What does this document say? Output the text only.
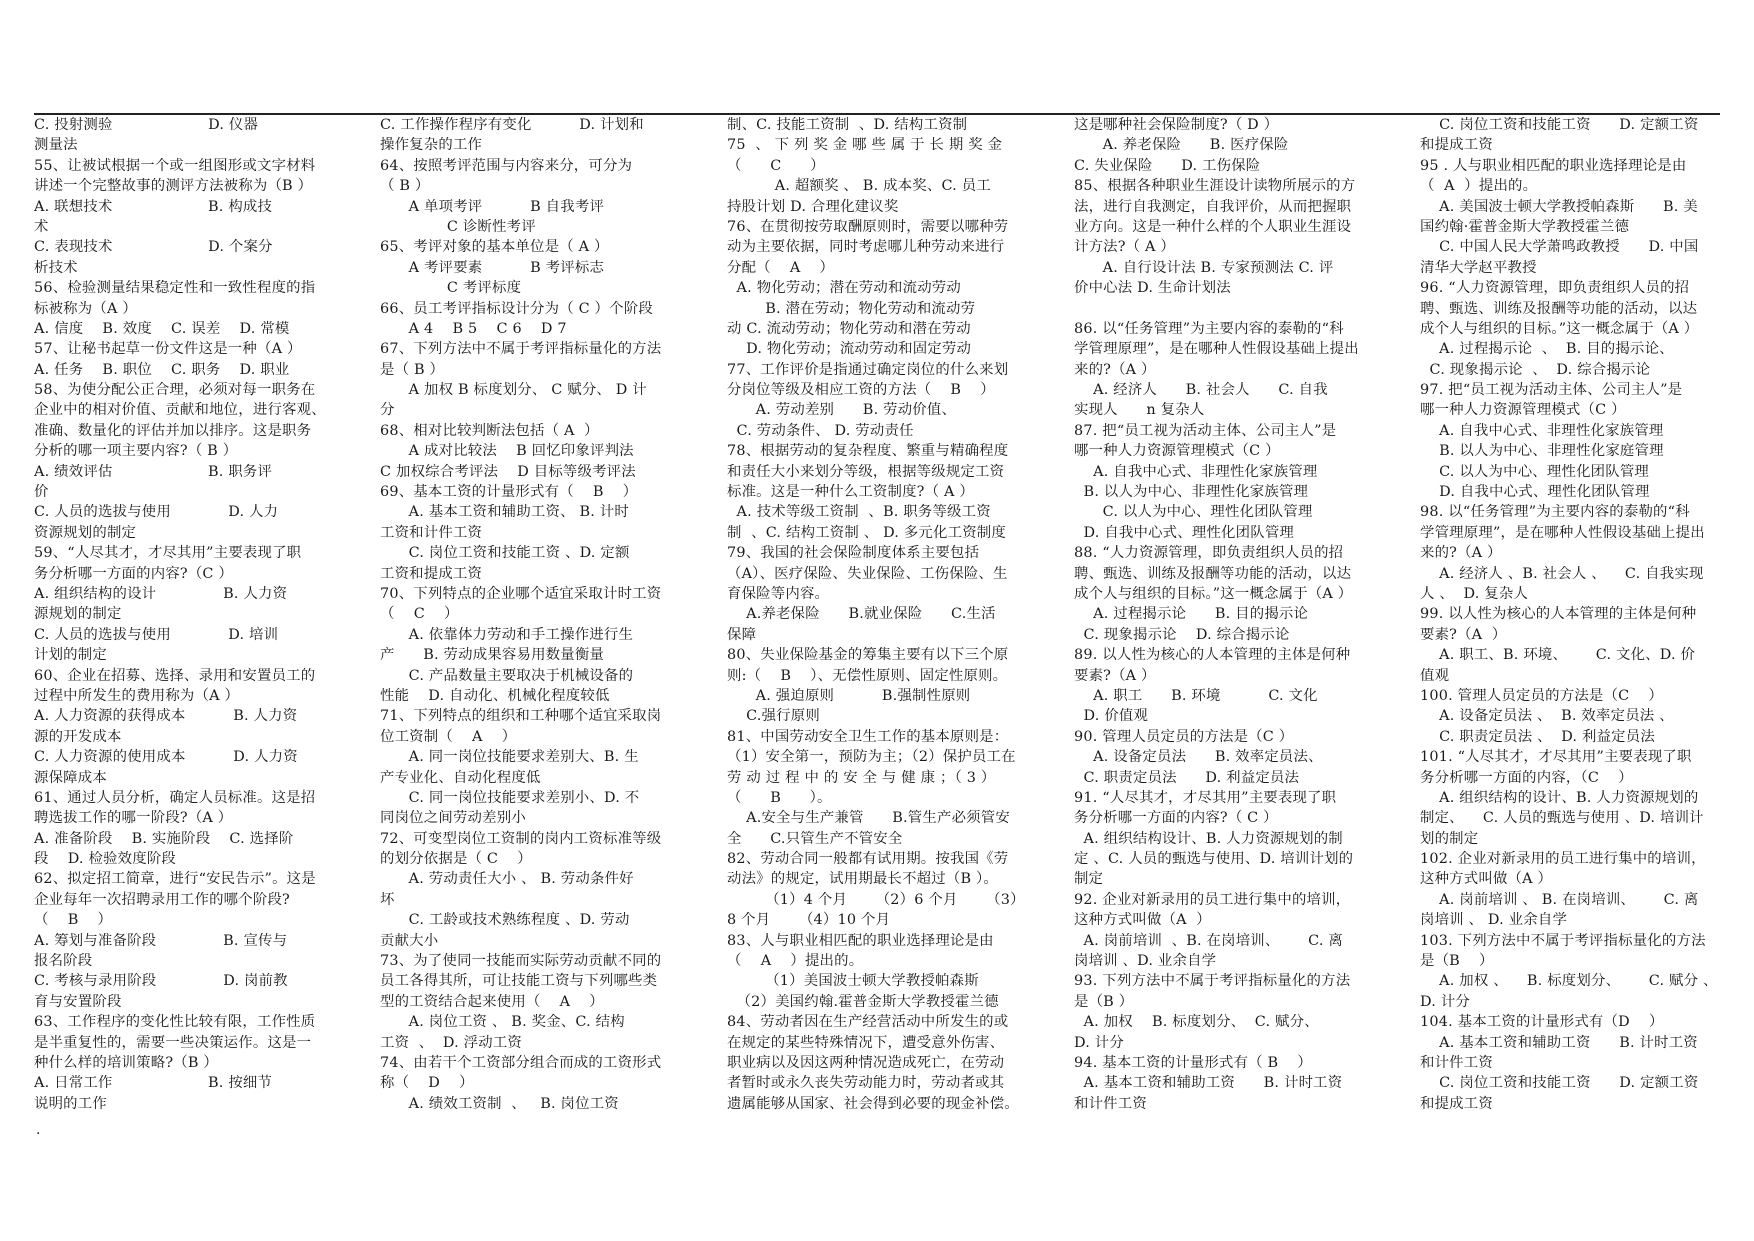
C. 投射测验                    D. 仪器
测量法
55、让被试根据一个或一组图形或文字材料
讲述一个完整故事的测评方法被称为（B ）
A. 联想技术                    B. 构成技
术
C. 表现技术                    D. 个案分
析技术
56、检验测量结果稳定性和一致性程度的指
标被称为（A ）
A. 信度    B. 效度    C. 误差    D. 常模
57、让秘书起草一份文件这是一种（A ）
A. 任务    B. 职位    C. 职务    D. 职业
58、为使分配公正合理，必须对每一职务在
企业中的相对价值、贡献和地位，进行客观、
准确、数量化的评估并加以排序。这是职务
分析的哪一项主要内容?（ B ）
A. 绩效评估                    B. 职务评
价
C. 人员的选拔与使用            D. 人力
资源规划的制定
59、“人尽其才，才尽其用”主要表现了职
务分析哪一方面的内容?（C ）
A. 组织结构的设计              B. 人力资
源规划的制定
C. 人员的选拔与使用            D. 培训
计划的制定
60、企业在招募、选择、录用和安置员工的
过程中所发生的费用称为（A ）
A. 人力资源的获得成本          B. 人力资
源的开发成本
C. 人力资源的使用成本          D. 人力资
源保障成本
61、通过人员分析，确定人员标准。这是招
聘选拔工作的哪一阶段?（A ）
A. 准备阶段    B. 实施阶段    C. 选择阶
段    D. 检验效度阶段
62、拟定招工简章，进行“安民告示”。这是
企业每年一次招聘录用工作的哪个阶段?
（    B    ）
A. 筹划与准备阶段              B. 宣传与
报名阶段
C. 考核与录用阶段              D. 岗前教
育与安置阶段
63、工作程序的变化性比较有限，工作性质
是半重复性的，需要一些决策运作。这是一
种什么样的培训策略?（B ）
A. 日常工作                    B. 按细节
说明的工作
C. 工作操作程序有变化          D. 计划和
操作复杂的工作
64、按照考评范围与内容来分，可分为
（ B ）
A 单项考评          B 自我考评
C 诊断性考评
65、考评对象的基本单位是（ A ）
A 考评要素          B 考评标志
C 考评标度
66、员工考评指标设计分为（ C ）个阶段
A 4    B 5    C 6    D 7
67、下列方法中不属于考评指标量化的方法
是（ B ）
A 加权 B 标度划分、 C 赋分、 D 计
分
68、相对比较判断法包括（ A  ）
A 成对比较法    B 回忆印象评判法
C 加权综合考评法    D 目标等级考评法
69、基本工资的计量形式有（    B    ）
A. 基本工资和辅助工资、 B. 计时
工资和计件工资
C. 岗位工资和技能工资 、D. 定额
工资和提成工资
70、下列特点的企业哪个适宜采取计时工资
（    C    ）
A. 依靠体力劳动和手工操作进行生
产      B. 劳动成果容易用数量衡量
C. 产品数量主要取决于机械设备的
性能    D. 自动化、机械化程度较低
71、下列特点的组织和工种哪个适宜采取岗
位工资制（    A    ）
A. 同一岗位技能要求差别大、B. 生
产专业化、自动化程度低
C. 同一岗位技能要求差别小、D. 不
同岗位之间劳动差别小
72、可变型岗位工资制的岗内工资标准等级
的划分依据是（ C    ）
A. 劳动责任大小 、 B. 劳动条件好
坏
C. 工龄或技术熟练程度 、D. 劳动
贡献大小
73、为了使同一技能而实际劳动贡献不同的
员工各得其所，可让技能工资与下列哪些类
型的工资结合起来使用（    A    ）
A. 岗位工资 、 B. 奖金、C. 结构
工资  、  D. 浮动工资
74、由若干个工资部分组合而成的工资形式
称（    D    ）
A. 绩效工资制  、   B. 岗位工资
制、C. 技能工资制  、D. 结构工资制
75  、 下 列 奖 金 哪 些 属 于 长 期 奖 金
（      C      ）
A. 超额奖 、 B. 成本奖、C. 员工
持股计划 D. 合理化建议奖
76、在贯彻按劳取酬原则时，需要以哪种劳
动为主要依据，同时考虑哪儿种劳动来进行
分配（    A    ）
A. 物化劳动；潜在劳动和流动劳动
B. 潜在劳动；物化劳动和流动劳
动 C. 流动劳动；物化劳动和潜在劳动
D. 物化劳动；流动劳动和固定劳动
77、工作评价是指通过确定岗位的什么来划
分岗位等级及相应工资的方法（    B    ）
A. 劳动差别      B. 劳动价值、
C. 劳动条件、 D. 劳动责任
78、根据劳动的复杂程度、繁重与精确程度
和责任大小来划分等级，根据等级规定工资
标准。这是一种什么工资制度?（ A ）
A. 技术等级工资制  、B. 职务等级工资
制  、C. 结构工资制 、 D. 多元化工资制度
79、我国的社会保险制度体系主要包括
（A）、医疗保险、失业保险、工伤保险、生
育保险等内容。
A.养老保险      B.就业保险      C.生活
保障
80、失业保险基金的筹集主要有以下三个原
则:（    B    ）、无偿性原则、固定性原则。
A. 强迫原则          B.强制性原则
C.强行原则
81、中国劳动安全卫生工作的基本原则是：
（1）安全第一，预防为主；（2）保护员工在
劳 动 过 程 中 的 安 全 与 健 康 ；（ 3 ）
（      B      ）。
A.安全与生产兼管      B.管生产必须管安
全      C.只管生产不管安全
82、劳动合同一般都有试用期。按我国《劳
动法》的规定，试用期最长不超过（B ）。
（1）4 个月      （2）6 个月      （3）
8 个月      （4）10 个月
83、人与职业相匹配的职业选择理论是由
（    A    ）提出的。
（1）美国波士顿大学教授帕森斯
（2）美国约翰.霍普金斯大学教授霍兰德
84、劳动者因在生产经营活动中所发生的或
在规定的某些特殊情况下，遭受意外伤害、
职业病以及因这两种情况造成死亡，在劳动
者暂时或永久丧失劳动能力时，劳动者或其
遗属能够从国家、社会得到必要的现金补偿。
这是哪种社会保险制度?（ D ）
A. 养老保险      B. 医疗保险
C. 失业保险      D. 工伤保险
85、根据各种职业生涯设计读物所展示的方
法，进行自我测定，自我评价，从而把握职
业方向。这是一种什么样的个人职业生涯设
计方法?（ A ）
A. 自行设计法 B. 专家预测法 C. 评
价中心法 D. 生命计划法
86. 以“任务管理”为主要内容的泰勒的“科
学管理原理”，是在哪种人性假设基础上提出
来的?（A ）
A. 经济人      B. 社会人      C. 自我
实现人      n 复杂人
87. 把“员工视为活动主体、公司主人”是
哪一种人力资源管理模式（C ）
A. 自我中心式、非理性化家族管理
B. 以人为中心、非理性化家族管理
C. 以人为中心、理性化团队管理
D. 自我中心式、理性化团队管理
88. “人力资源管理，即负责组织人员的招
聘、甄选、训练及报酬等功能的活动，以达
成个人与组织的目标。”这一概念属于（A ）
A. 过程揭示论      B. 目的揭示论
C. 现象揭示论    D. 综合揭示论
89. 以人性为核心的人本管理的主体是何种
要素?（A ）
A. 职工      B. 环境          C. 文化
D. 价值观
90. 管理人员定员的方法是（C ）
A. 设备定员法      B. 效率定员法、
C. 职责定员法      D. 利益定员法
91. “人尽其才，才尽其用”主要表现了职
务分析哪一方面的内容?（ C ）
A. 组织结构设计、B. 人力资源规划的制
定 、C. 人员的甄选与使用、D. 培训计划的
制定
92. 企业对新录用的员工进行集中的培训，
这种方式叫做（A  ）
A. 岗前培训  、B. 在岗培训、      C. 离
岗培训 、D. 业余自学
93. 下列方法中不属于考评指标量化的方法
是（B ）
A. 加权    B. 标度划分、  C. 赋分、
D. 计分
94. 基本工资的计量形式有（ B    ）
A. 基本工资和辅助工资      B. 计时工资
和计件工资
C. 岗位工资和技能工资      D. 定额工资
和提成工资
95 . 人与职业相匹配的职业选择理论是由
（  A  ）提出的。
A. 美国波士顿大学教授帕森斯      B. 美
国约翰·霍普金斯大学教授霍兰德
C. 中国人民大学萧鸣政教授      D. 中国
清华大学赵平教授
96. “人力资源管理，即负责组织人员的招
聘、甄选、训练及报酬等功能的活动，以达
成个人与组织的目标。”这一概念属于（A ）
A. 过程揭示论  、  B. 目的揭示论、
C. 现象揭示论  、  D. 综合揭示论
97. 把“员工视为活动主体、公司主人”是
哪一种人力资源管理模式（C ）
A. 自我中心式、非理性化家族管理
B. 以人为中心、非理性化家庭管理
C. 以人为中心、理性化团队管理
D. 自我中心式、理性化团队管理
98. 以“任务管理”为主要内容的泰勒的“科
学管理原理”，是在哪种人性假设基础上提出
来的?（A ）
A. 经济人 、B. 社会人 、    C. 自我实现
人 、  D. 复杂人
99. 以人性为核心的人本管理的主体是何种
要素?（A  ）
A. 职工、B. 环境、      C. 文化、D. 价
值观
100. 管理人员定员的方法是（C    ）
A. 设备定员法 、  B. 效率定员法 、
C. 职责定员法 、  D. 利益定员法
101. “人尽其才，才尽其用”主要表现了职
务分析哪一方面的内容，（C    ）
A. 组织结构的设计、B. 人力资源规划的
制定、    C. 人员的甄选与使用 、D. 培训计
划的制定
102. 企业对新录用的员工进行集中的培训，
这种方式叫做（A ）
A. 岗前培训 、 B. 在岗培训、      C. 离
岗培训 、 D. 业余自学
103. 下列方法中不属于考评指标量化的方法
是（B    ）
A. 加权 、    B. 标度划分、      C. 赋分 、
D. 计分
104. 基本工资的计量形式有（D    ）
A. 基本工资和辅助工资      B. 计时工资
和计件工资
C. 岗位工资和技能工资      D. 定额工资
和提成工资
.
